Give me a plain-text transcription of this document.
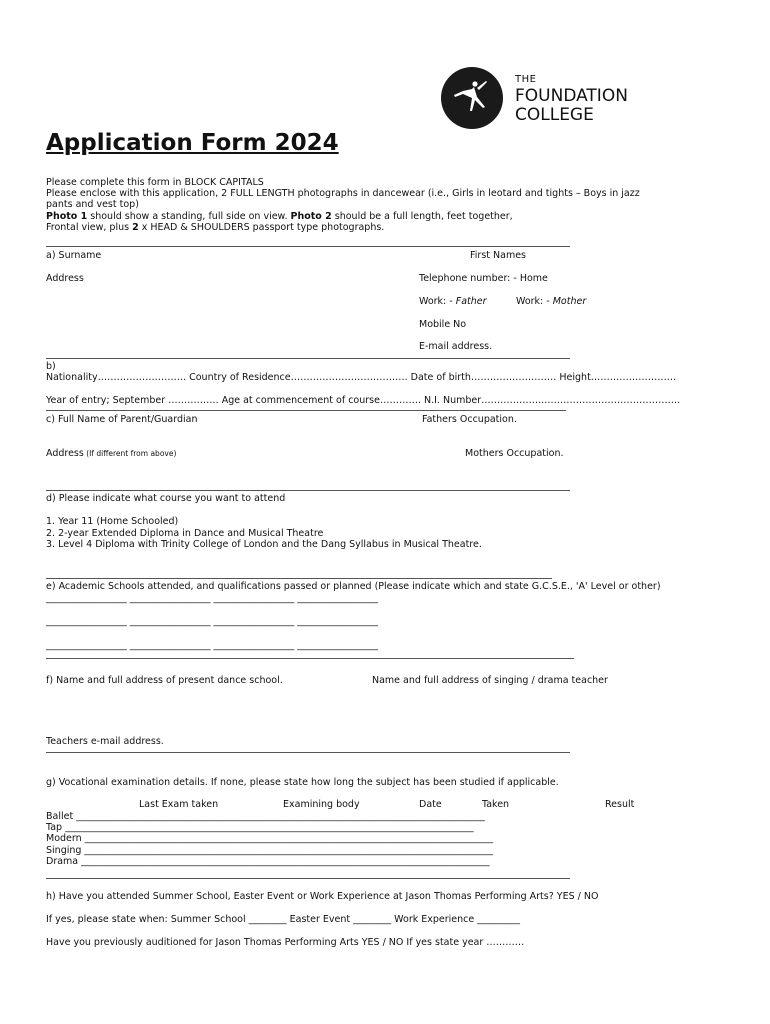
THE
FOUNDATION
COLLEGE
Application Form 2024
Please complete this form in BLOCK CAPITALS
Please enclose with this application, 2 FULL LENGTH photographs in dancewear (i.e., Girls in leotard and tights – Boys in jazz
pants and vest top)
Photo 1 should show a standing, full side on view. Photo 2 should be a full length, feet together,
Frontal view, plus 2 x HEAD & SHOULDERS passport type photographs.
a) Surname	First Names
Address	Telephone number: - Home
Work: - Father	Work: - Mother
Mobile No
E-mail address.
b)
Nationality………………………. Country of Residence………………………………. Date of birth……………………… Height………………………
Year of entry; September ……………. Age at commencement of course…………. N.I. Number………………..…………………………………….
c) Full Name of Parent/Guardian	Fathers Occupation.
Address (If different from above)	Mothers Occupation.
d) Please indicate what course you want to attend
1. Year 11 (Home Schooled)
2. 2-year Extended Diploma in Dance and Musical Theatre
3. Level 4 Diploma with Trinity College of London and the Dang Syllabus in Musical Theatre.
e) Academic Schools attended, and qualifications passed or planned (Please indicate which and state G.C.S.E., 'A' Level or other)
_________________ _________________ _________________ _________________
_________________ _________________ _________________ _________________
_________________ _________________ _________________ _________________
f) Name and full address of present dance school.	Name and full address of singing / drama teacher
Teachers e-mail address.
g) Vocational examination details. If none, please state how long the subject has been studied if applicable.
Last Exam taken	Examining body	Date	Taken	Result
Ballet ______________________________________________________________________________________
Tap ______________________________________________________________________________________
Modern ______________________________________________________________________________________
Singing ______________________________________________________________________________________
Drama ______________________________________________________________________________________
h) Have you attended Summer School, Easter Event or Work Experience at Jason Thomas Performing Arts? YES / NO
If yes, please state when: Summer School ________ Easter Event ________ Work Experience _________
Have you previously auditioned for Jason Thomas Performing Arts YES / NO If yes state year …………
